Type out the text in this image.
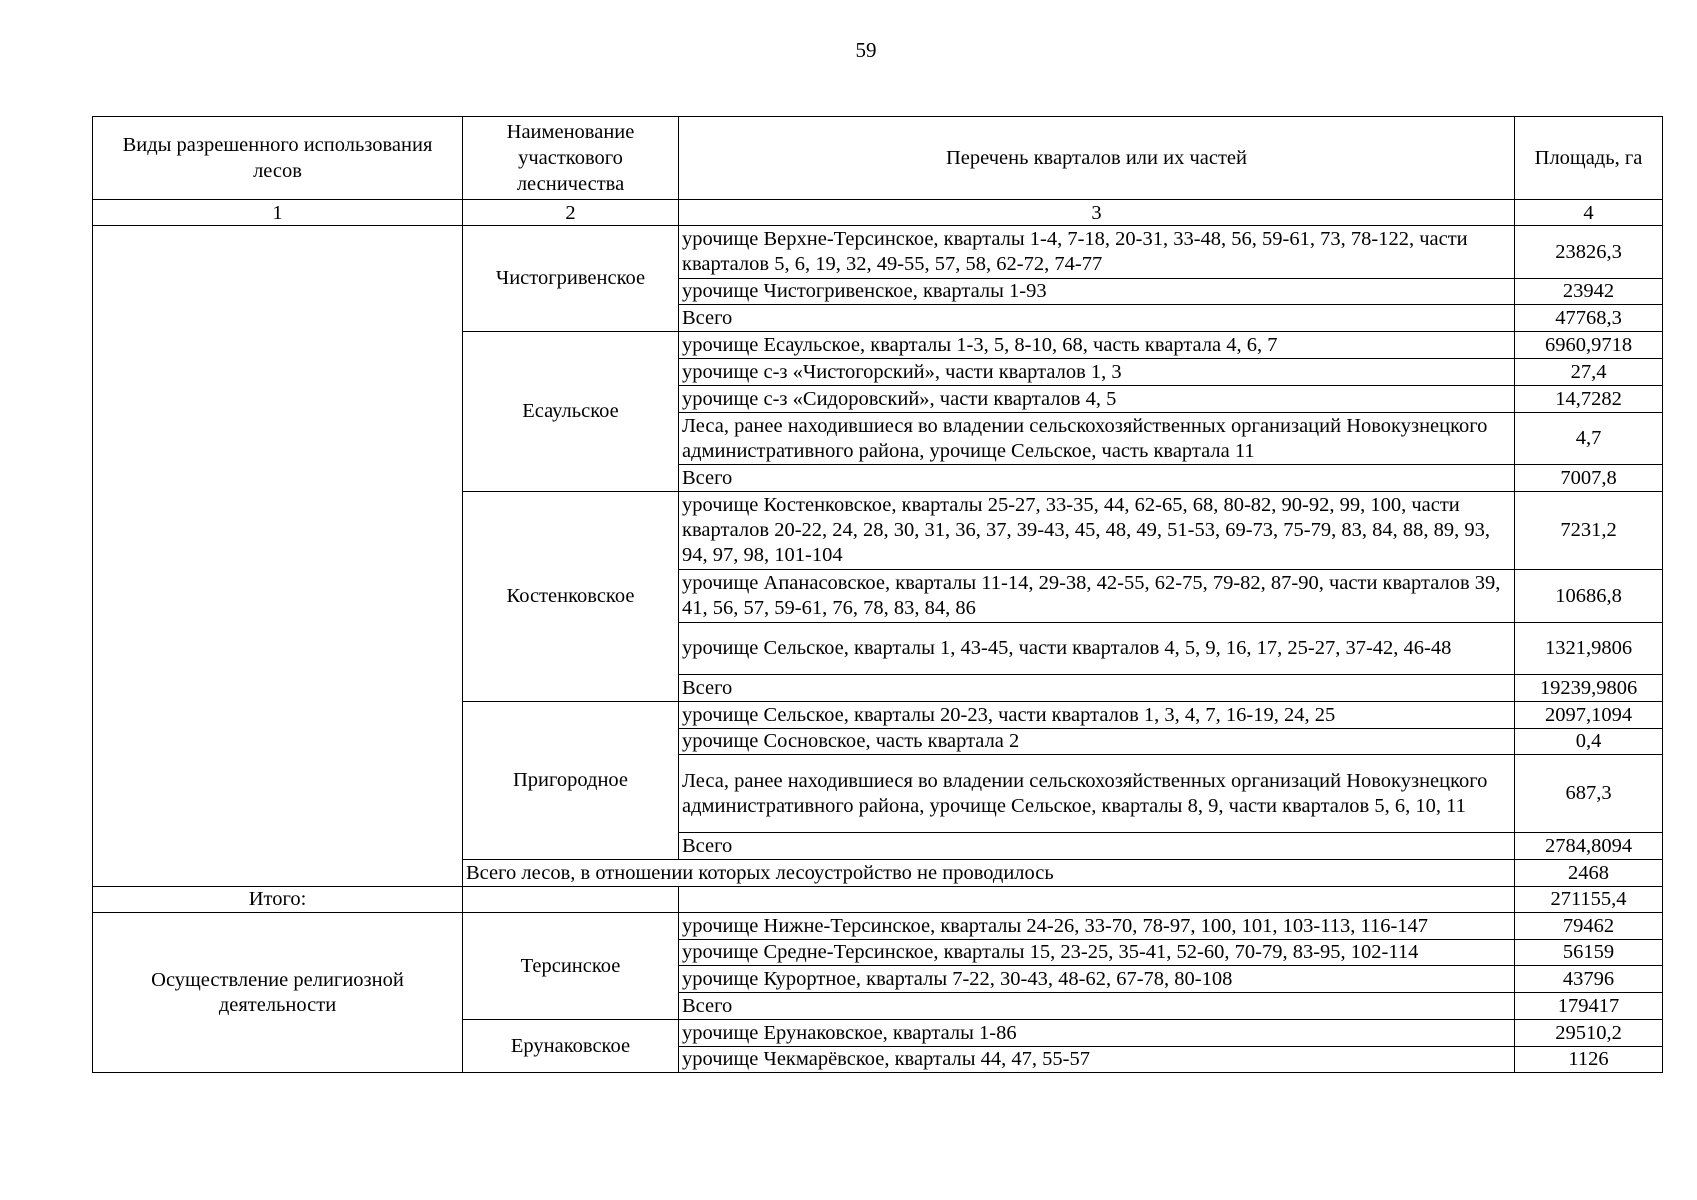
59
Виды разрешенного использования лесов	Наименование участкового лесничества	Перечень кварталов или их частей	Площадь, га
1	2	3	4
	Чистогривенское	урочище Верхне-Терсинское, кварталы 1-4, 7-18, 20-31, 33-48, 56, 59-61, 73, 78-122, части кварталов 5, 6, 19, 32, 49-55, 57, 58, 62-72, 74-77	23826,3
		урочище Чистогривенское, кварталы 1-93	23942
		Всего	47768,3
	Есаульское	урочище Есаульское, кварталы 1-3, 5, 8-10, 68, часть квартала 4, 6, 7	6960,9718
		урочище с-з «Чистогорский», части кварталов 1, 3	27,4
		урочище с-з «Сидоровский», части кварталов 4, 5	14,7282
		Леса, ранее находившиеся во владении сельскохозяйственных организаций Новокузнецкого административного района, урочище Сельское, часть квартала 11	4,7
		Всего	7007,8
	Костенковское	урочище Костенковское, кварталы 25-27, 33-35, 44, 62-65, 68, 80-82, 90-92, 99, 100, части кварталов 20-22, 24, 28, 30, 31, 36, 37, 39-43, 45, 48, 49, 51-53, 69-73, 75-79, 83, 84, 88, 89, 93, 94, 97, 98, 101-104	7231,2
		урочище Апанасовское, кварталы 11-14, 29-38, 42-55, 62-75, 79-82, 87-90, части кварталов 39, 41, 56, 57, 59-61, 76, 78, 83, 84, 86	10686,8
		урочище Сельское, кварталы 1, 43-45, части кварталов 4, 5, 9, 16, 17, 25-27, 37-42, 46-48	1321,9806
		Всего	19239,9806
	Пригородное	урочище Сельское, кварталы 20-23, части кварталов 1, 3, 4, 7, 16-19, 24, 25	2097,1094
		урочище Сосновское, часть квартала 2	0,4
		Леса, ранее находившиеся во владении сельскохозяйственных организаций Новокузнецкого административного района, урочище Сельское, кварталы 8, 9, части кварталов 5, 6, 10, 11	687,3
		Всего	2784,8094
	Всего лесов, в отношении которых лесоустройство не проводилось		2468
Итого:			271155,4
Осуществление религиозной деятельности	Терсинское	урочище Нижне-Терсинское, кварталы 24-26, 33-70, 78-97, 100, 101, 103-113, 116-147	79462
		урочище Средне-Терсинское, кварталы 15, 23-25, 35-41, 52-60, 70-79, 83-95, 102-114	56159
		урочище Курортное, кварталы 7-22, 30-43, 48-62, 67-78, 80-108	43796
		Всего	179417
	Ерунаковское	урочище Ерунаковское, кварталы 1-86	29510,2
		урочище Чекмарёвское, кварталы 44, 47, 55-57	1126
